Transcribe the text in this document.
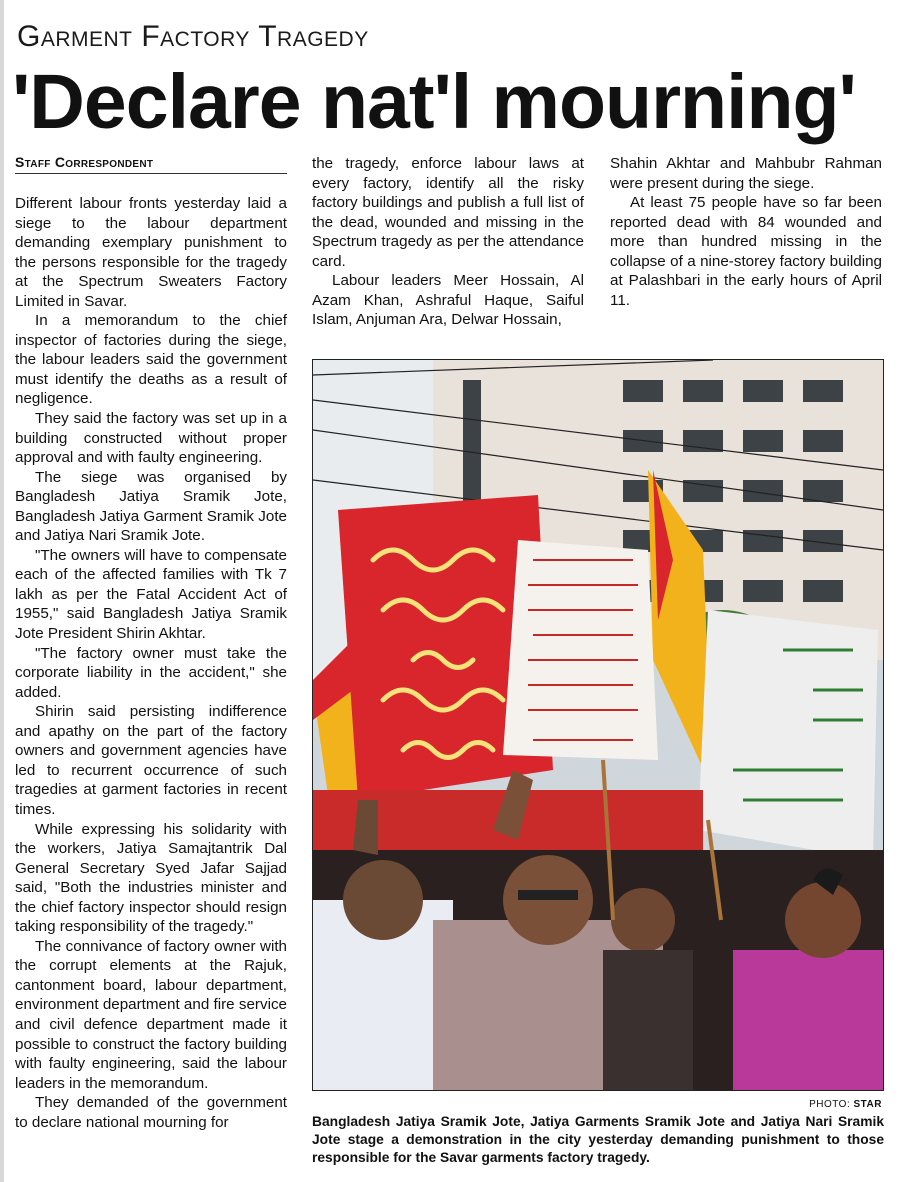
Garment Factory Tragedy
'Declare nat'l mourning'
Staff Correspondent

Different labour fronts yesterday laid a siege to the labour department demanding exemplary punishment to the persons responsible for the tragedy at the Spectrum Sweaters Factory Limited in Savar.

In a memorandum to the chief inspector of factories during the siege, the labour leaders said the government must identify the deaths as a result of negligence.

They said the factory was set up in a building constructed without proper approval and with faulty engineering.

The siege was organised by Bangladesh Jatiya Sramik Jote, Bangladesh Jatiya Garment Sramik Jote and Jatiya Nari Sramik Jote.

"The owners will have to compensate each of the affected families with Tk 7 lakh as per the Fatal Accident Act of 1955," said Bangladesh Jatiya Sramik Jote President Shirin Akhtar.

"The factory owner must take the corporate liability in the accident," she added.

Shirin said persisting indifference and apathy on the part of the factory owners and government agencies have led to recurrent occurrence of such tragedies at garment factories in recent times.

While expressing his solidarity with the workers, Jatiya Samajtantrik Dal General Secretary Syed Jafar Sajjad said, "Both the industries minister and the chief factory inspector should resign taking responsibility of the tragedy."

The connivance of factory owner with the corrupt elements at the Rajuk, cantonment board, labour department, environment department and fire service and civil defence department made it possible to construct the factory building with faulty engineering, said the labour leaders in the memorandum.

They demanded of the government to declare national mourning for

the tragedy, enforce labour laws at every factory, identify all the risky factory buildings and publish a full list of the dead, wounded and missing in the Spectrum tragedy as per the attendance card.

Labour leaders Meer Hossain, Al Azam Khan, Ashraful Haque, Saiful Islam, Anjuman Ara, Delwar Hossain,

Shahin Akhtar and Mahbubr Rahman were present during the siege.

At least 75 people have so far been reported dead with 84 wounded and more than hundred missing in the collapse of a nine-storey factory building at Palashbari in the early hours of April 11.

PHOTO: STAR
Bangladesh Jatiya Sramik Jote, Jatiya Garments Sramik Jote and Jatiya Nari Sramik Jote stage a demonstration in the city yesterday demanding punishment to those responsible for the Savar garments factory tragedy.
